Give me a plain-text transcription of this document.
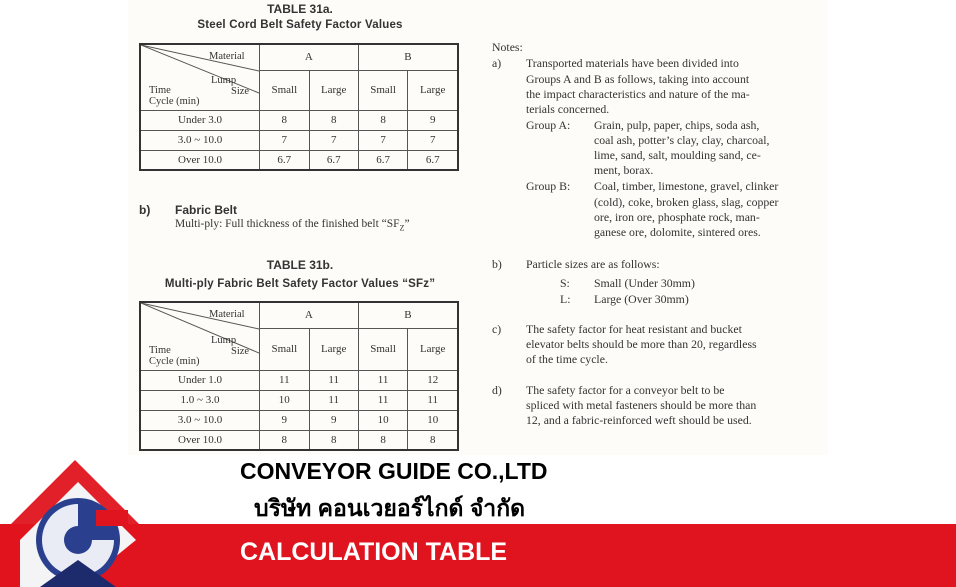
TABLE 31a.
Steel Cord Belt Safety Factor Values
Material
Lump
Size
Time
Cycle (min)	A		B	
	Small	Large	Small	Large
Under 3.0	8	8	8	9
3.0 ~ 10.0	7	7	7	7
Over 10.0	6.7	6.7	6.7	6.7
b) Fabric Belt
Multi-ply: Full thickness of the finished belt “$SF_Z$”
TABLE 31b.
Multi-ply Fabric Belt Safety Factor Values “SFz”
Material
Lump
Size
Time
Cycle (min)	A		B	
	Small	Large	Small	Large
Under 1.0	11	11	11	12
1.0 ~ 3.0	10	11	11	11
3.0 ~ 10.0	9	9	10	10
Over 10.0	8	8	8	8
Notes:
a) Transported materials have been divided into
Groups A and B as follows, taking into account
the impact characteristics and nature of the ma-
terials concerned.
Group A: Grain, pulp, paper, chips, soda ash,
coal ash, potter’s clay, clay, charcoal,
lime, sand, salt, moulding sand, ce-
ment, borax.
Group B: Coal, timber, limestone, gravel, clinker
(cold), coke, broken glass, slag, copper
ore, iron ore, phosphate rock, man-
ganese ore, dolomite, sintered ores.
b) Particle sizes are as follows:
S: Small (Under 30mm)
L: Large (Over 30mm)
c) The safety factor for heat resistant and bucket
elevator belts should be more than 20, regardless
of the time cycle.
d) The safety factor for a conveyor belt to be
spliced with metal fasteners should be more than
12, and a fabric-reinforced weft should be used.
CONVEYOR GUIDE CO.,LTD
บริษัท คอนเวยอร์ไกด์ จำกัด
CALCULATION TABLE
